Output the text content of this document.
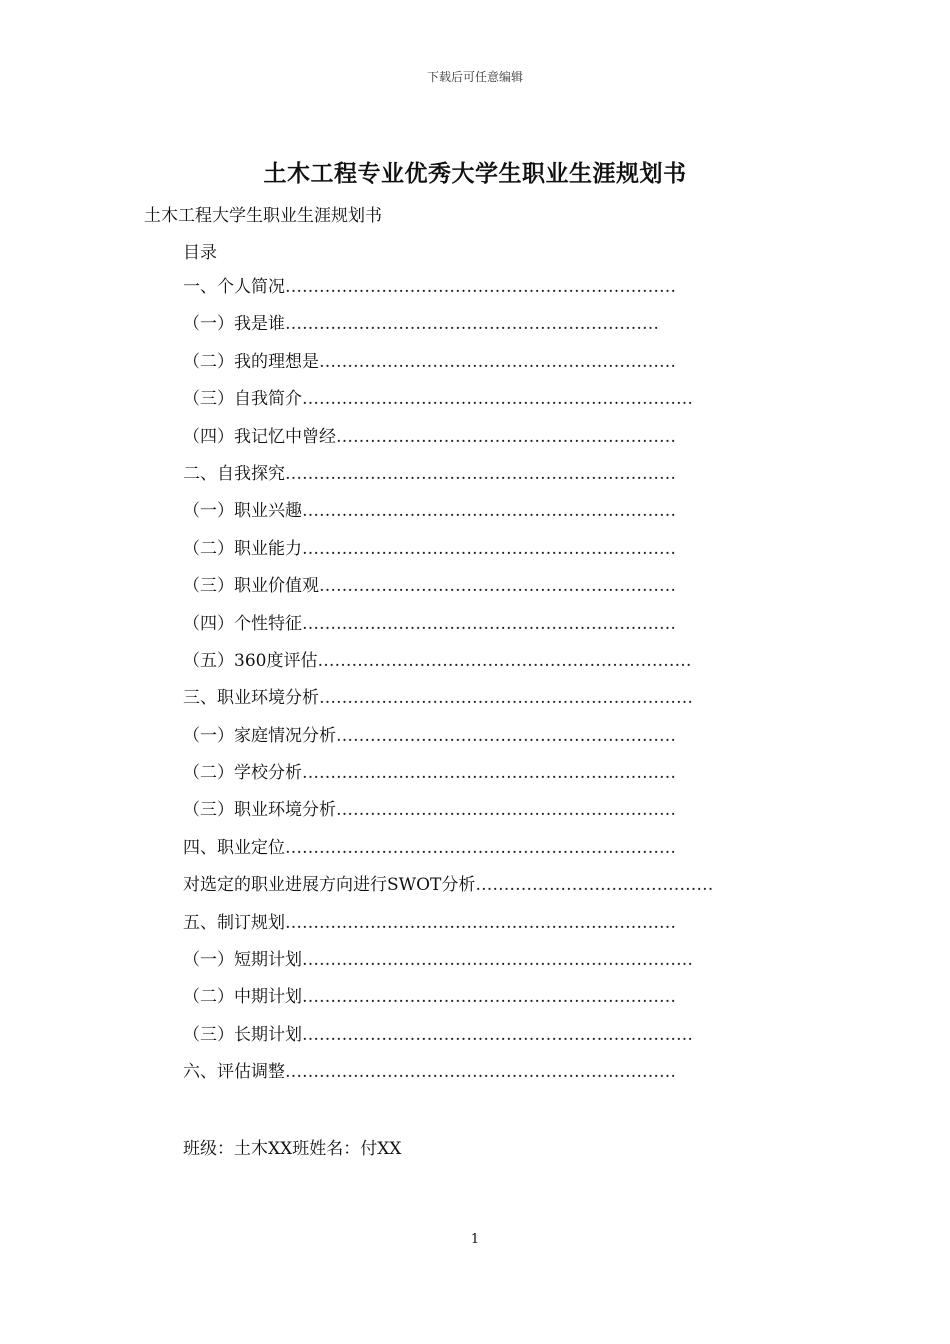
下载后可任意编辑
土木工程专业优秀大学生职业生涯规划书
土木工程大学生职业生涯规划书
目录
一、个人简况……………………………………………………………
（一）我是谁…………………………………………………………
（二）我的理想是………………………………………………………
（三）自我简介……………………………………………………………
（四）我记忆中曾经……………………………………………………
二、自我探究……………………………………………………………
（一）职业兴趣…………………………………………………………
（二）职业能力…………………………………………………………
（三）职业价值观………………………………………………………
（四）个性特征…………………………………………………………
（五）360度评估…………………………………………………………
三、职业环境分析…………………………………………………………
（一）家庭情况分析……………………………………………………
（二）学校分析…………………………………………………………
（三）职业环境分析……………………………………………………
四、职业定位……………………………………………………………
对选定的职业进展方向进行SWOT分析……………………………………
五、制订规划……………………………………………………………
（一）短期计划……………………………………………………………
（二）中期计划…………………………………………………………
（三）长期计划……………………………………………………………
六、评估调整……………………………………………………………
班级：土木XX班姓名：付XX
1
